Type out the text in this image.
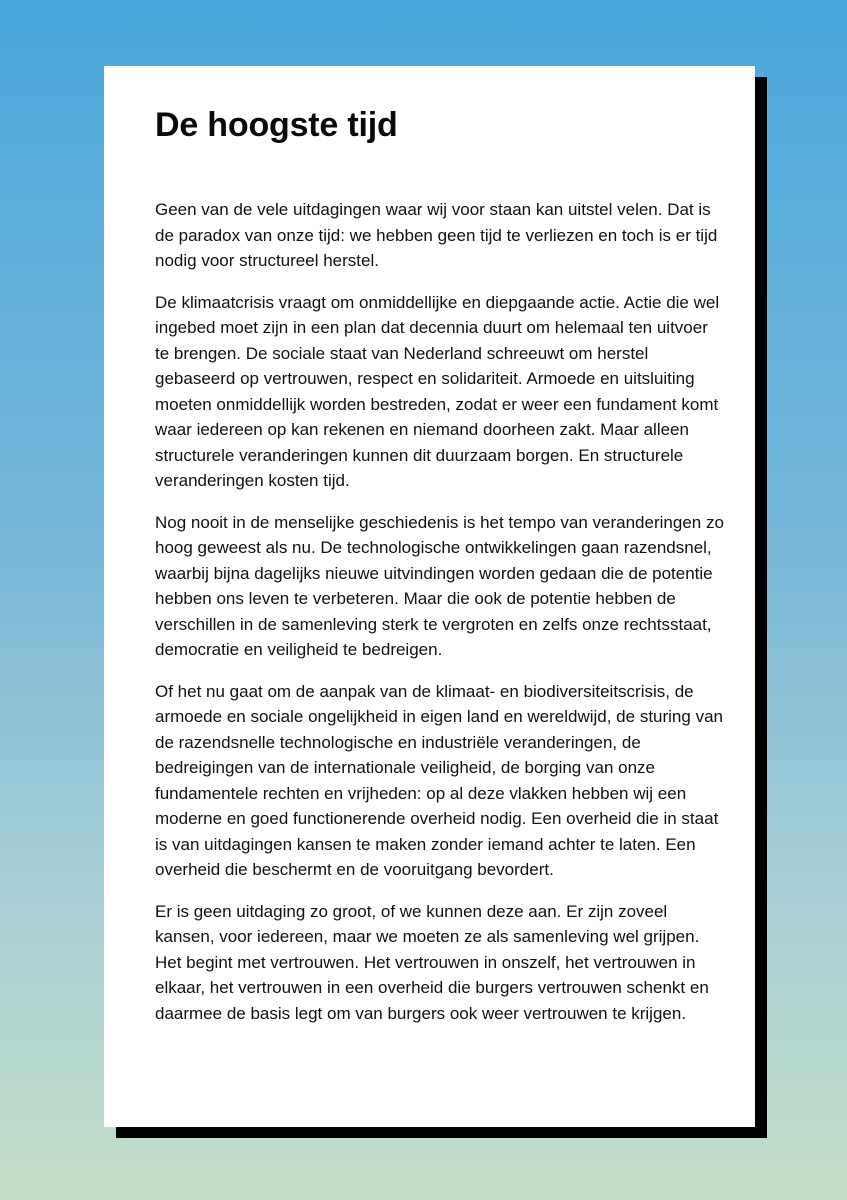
De hoogste tijd

Geen van de vele uitdagingen waar wij voor staan kan uitstel velen. Dat is de paradox van onze tijd: we hebben geen tijd te verliezen en toch is er tijd nodig voor structureel herstel.

De klimaatcrisis vraagt om onmiddellijke en diepgaande actie. Actie die wel ingebed moet zijn in een plan dat decennia duurt om helemaal ten uitvoer te brengen. De sociale staat van Nederland schreeuwt om herstel gebaseerd op vertrouwen, respect en solidariteit. Armoede en uitsluiting moeten onmiddellijk worden bestreden, zodat er weer een fundament komt waar iedereen op kan rekenen en niemand doorheen zakt. Maar alleen structurele veranderingen kunnen dit duurzaam borgen. En structurele veranderingen kosten tijd.

Nog nooit in de menselijke geschiedenis is het tempo van veranderingen zo hoog geweest als nu. De technologische ontwikkelingen gaan razendsnel, waarbij bijna dagelijks nieuwe uitvindingen worden gedaan die de potentie hebben ons leven te verbeteren. Maar die ook de potentie hebben de verschillen in de samenleving sterk te vergroten en zelfs onze rechtsstaat, democratie en veiligheid te bedreigen.

Of het nu gaat om de aanpak van de klimaat- en biodiversiteitscrisis, de armoede en sociale ongelijkheid in eigen land en wereldwijd, de sturing van de razendsnelle technologische en industriële veranderingen, de bedreigingen van de internationale veiligheid, de borging van onze fundamentele rechten en vrijheden: op al deze vlakken hebben wij een moderne en goed functionerende overheid nodig. Een overheid die in staat is van uitdagingen kansen te maken zonder iemand achter te laten. Een overheid die beschermt en de vooruitgang bevordert.

Er is geen uitdaging zo groot, of we kunnen deze aan. Er zijn zoveel kansen, voor iedereen, maar we moeten ze als samenleving wel grijpen. Het begint met vertrouwen. Het vertrouwen in onszelf, het vertrouwen in elkaar, het vertrouwen in een overheid die burgers vertrouwen schenkt en daarmee de basis legt om van burgers ook weer vertrouwen te krijgen.
